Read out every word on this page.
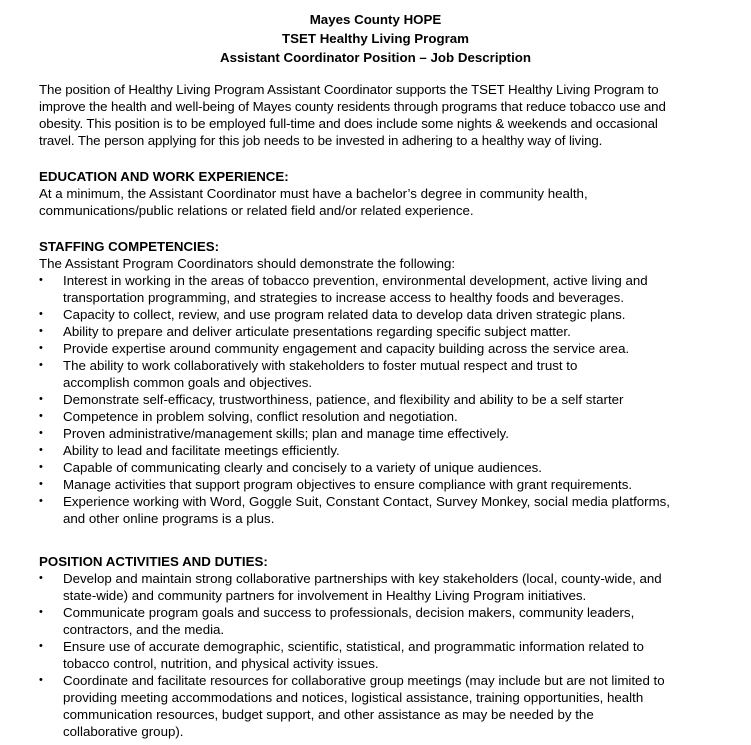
Mayes County HOPE
TSET Healthy Living Program
Assistant Coordinator Position – Job Description
The position of Healthy Living Program Assistant Coordinator supports the TSET Healthy Living Program to
improve the health and well-being of Mayes county residents through programs that reduce tobacco use and
obesity. This position is to be employed full-time and does include some nights & weekends and occasional
travel. The person applying for this job needs to be invested in adhering to a healthy way of living.
EDUCATION AND WORK EXPERIENCE:
At a minimum, the Assistant Coordinator must have a bachelor’s degree in community health,
communications/public relations or related field and/or related experience.
STAFFING COMPETENCIES:
The Assistant Program Coordinators should demonstrate the following:
•	Interest in working in the areas of tobacco prevention, environmental development, active living and
transportation programming, and strategies to increase access to healthy foods and beverages.
•	Capacity to collect, review, and use program related data to develop data driven strategic plans.
•	Ability to prepare and deliver articulate presentations regarding specific subject matter.
•	Provide expertise around community engagement and capacity building across the service area.
•	The ability to work collaboratively with stakeholders to foster mutual respect and trust to
accomplish common goals and objectives.
•	Demonstrate self-efficacy, trustworthiness, patience, and flexibility and ability to be a self starter
•	Competence in problem solving, conflict resolution and negotiation.
•	Proven administrative/management skills; plan and manage time effectively.
•	Ability to lead and facilitate meetings efficiently.
•	Capable of communicating clearly and concisely to a variety of unique audiences.
•	Manage activities that support program objectives to ensure compliance with grant requirements.
•	Experience working with Word, Goggle Suit, Constant Contact, Survey Monkey, social media platforms,
and other online programs is a plus.
POSITION ACTIVITIES AND DUTIES:
•	Develop and maintain strong collaborative partnerships with key stakeholders (local, county-wide, and
state-wide) and community partners for involvement in Healthy Living Program initiatives.
•	Communicate program goals and success to professionals, decision makers, community leaders,
contractors, and the media.
•	Ensure use of accurate demographic, scientific, statistical, and programmatic information related to
tobacco control, nutrition, and physical activity issues.
•	Coordinate and facilitate resources for collaborative group meetings (may include but are not limited to
providing meeting accommodations and notices, logistical assistance, training opportunities, health
communication resources, budget support, and other assistance as may be needed by the
collaborative group).
